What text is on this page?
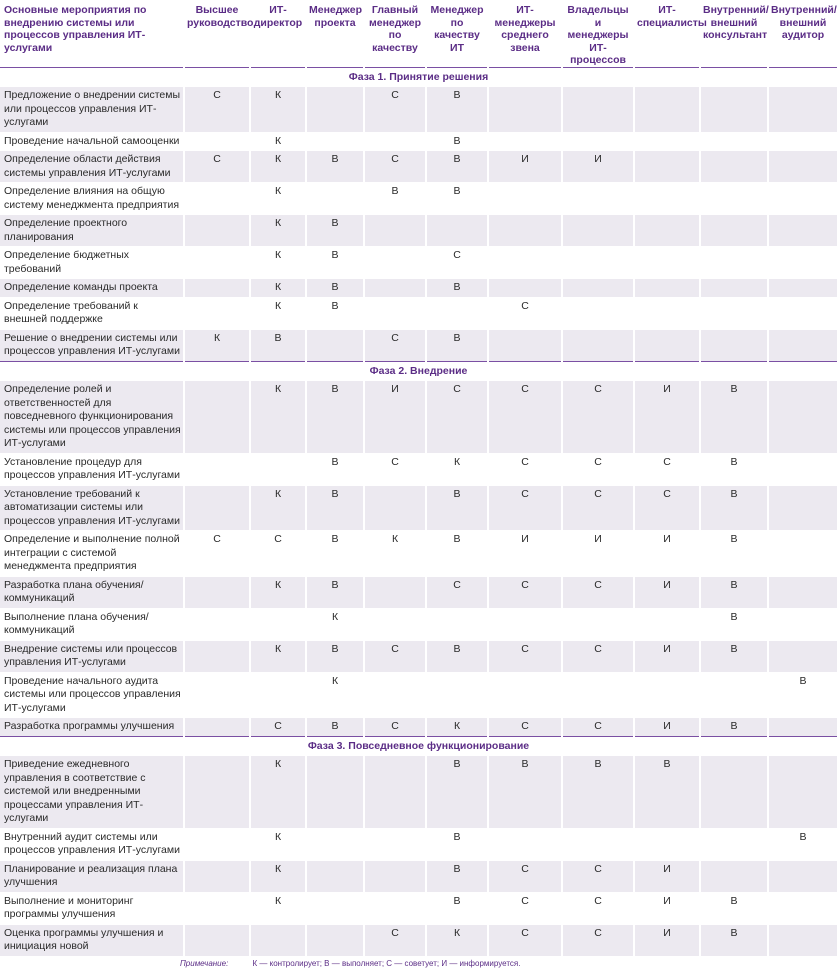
Основные мероприятия по внедрению системы или процессов управления ИТ-услугами	Высшее руководство	ИТ-директор	Менеджер проекта	Главный менеджер по качеству	Менеджер по качеству ИТ	ИТ-менеджеры среднего звена	Владельцы и менеджеры ИТ-процессов	ИТ-специалисты	Внутренний/ внешний консультант	Внутренний/ внешний аудитор
Фаза 1. Принятие решения										
Предложение о внедрении системы или процессов управления ИТ-услугами	С	К		С	В					
Проведение начальной самооценки		К			В					
Определение области действия системы управления ИТ-услугами	С	К	В	С	В	И	И			
Определение влияния на общую систему менеджмента предприятия		К		В	В					
Определение проектного планирования		К	В							
Определение бюджетных требований		К	В		С					
Определение команды проекта		К	В		В					
Определение требований к внешней поддержке		К	В			С				
Решение о внедрении системы или процессов управления ИТ-услугами	К	В		С	В					
Фаза 2. Внедрение										
Определение ролей и ответственностей для повседневного функционирования системы или процессов управления ИТ-услугами		К	В	И	С	С	С	И	В	
Установление процедур для процессов управления ИТ-услугами			В	С	К	С	С	С	В	
Установление требований к автоматизации системы или процессов управления ИТ-услугами		К	В		В	С	С	С	В	
Определение и выполнение полной интеграции с системой менеджмента предприятия	С	С	В	К	В	И	И	И	В	
Разработка плана обучения/ коммуникаций		К	В		С	С	С	И	В	
Выполнение плана обучения/ коммуникаций			К						В	
Внедрение системы или процессов управления ИТ-услугами		К	В	С	В	С	С	И	В	
Проведение начального аудита системы или процессов управления ИТ-услугами			К							В
Разработка программы улучшения		С	В	С	К	С	С	И	В	
Фаза 3. Повседневное функционирование										
Приведение ежедневного управления в соответствие с системой или внедренными процессами управления ИТ-услугами		К			В	В	В	В		
Внутренний аудит системы или процессов управления ИТ-услугами		К			В					В
Планирование и реализация плана улучшения		К			В	С	С	И		
Выполнение и мониторинг программы улучшения		К			В	С	С	И	В	
Оценка программы улучшения и инициация новой				С	К	С	С	И	В	
Примечание:	К — контролирует; В — выполняет; С — советует; И — информируется.
